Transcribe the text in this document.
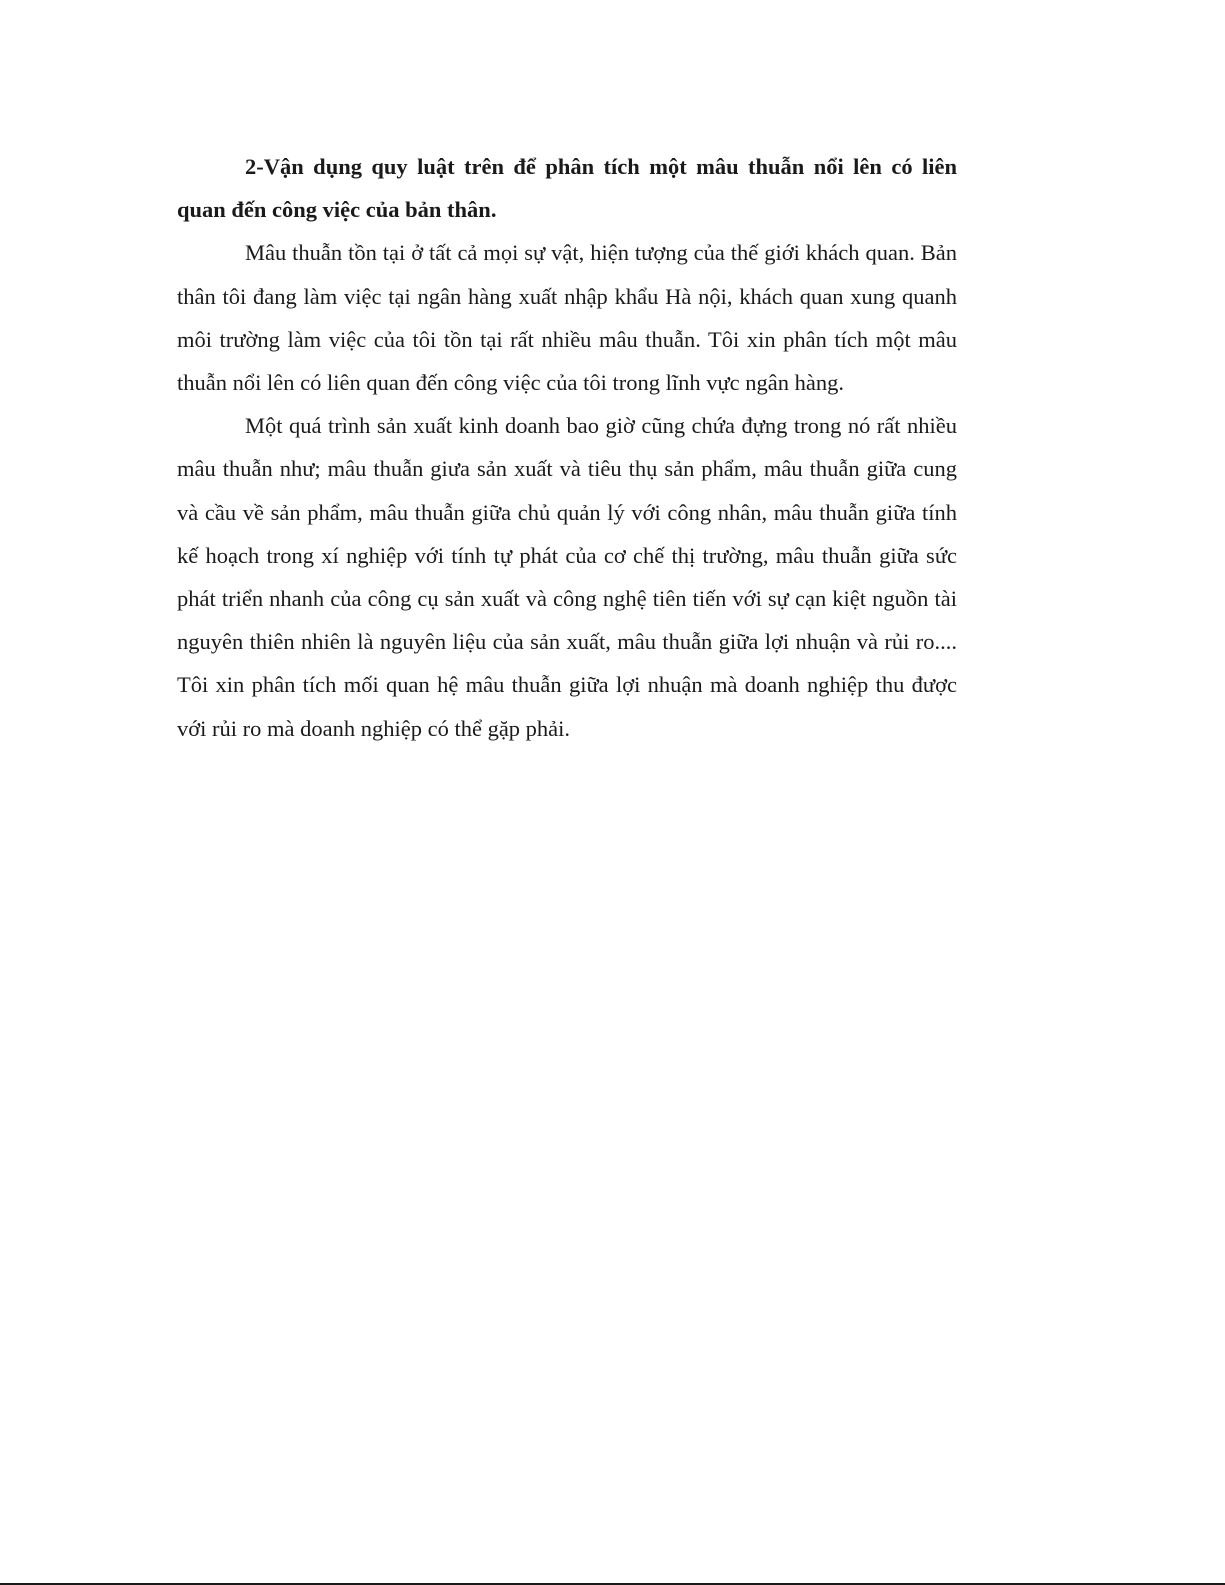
2-Vận dụng quy luật trên để phân tích một mâu thuẫn nổi lên có liên quan đến công việc của bản thân.

Mâu thuẫn tồn tại ở tất cả mọi sự vật, hiện tượng của thế giới khách quan. Bản thân tôi đang làm việc tại ngân hàng xuất nhập khẩu Hà nội, khách quan xung quanh môi trường làm việc của tôi tồn tại rất nhiều mâu thuẫn. Tôi xin phân tích một mâu thuẫn nổi lên có liên quan đến công việc của tôi trong lĩnh vực ngân hàng.

Một quá trình sản xuất kinh doanh bao giờ cũng chứa đựng trong nó rất nhiều mâu thuẫn như; mâu thuẫn giưa sản xuất và tiêu thụ sản phẩm, mâu thuẫn giữa cung và cầu về sản phẩm, mâu thuẫn giữa chủ quản lý với công nhân, mâu thuẫn giữa tính kế hoạch trong xí nghiệp với tính tự phát của cơ chế thị trường, mâu thuẫn giữa sức phát triển nhanh của công cụ sản xuất và công nghệ tiên tiến với sự cạn kiệt nguồn tài nguyên thiên nhiên là nguyên liệu của sản xuất, mâu thuẫn giữa lợi nhuận và rủi ro.... Tôi xin phân tích mối quan hệ mâu thuẫn giữa lợi nhuận mà doanh nghiệp thu được với rủi ro mà doanh nghiệp có thể gặp phải.
